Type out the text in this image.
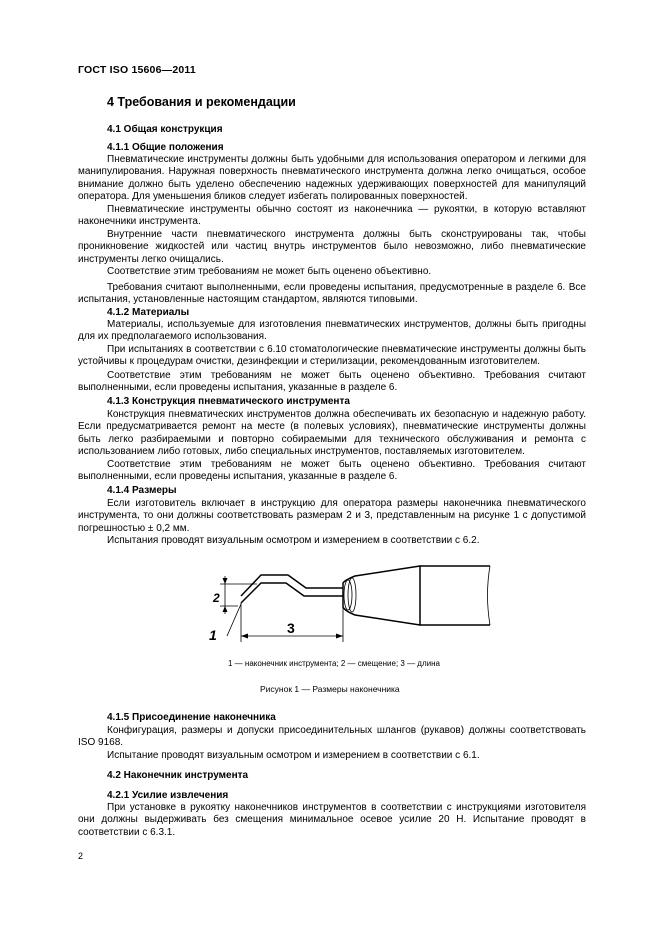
ГОСТ ISO 15606—2011
4 Требования и рекомендации
4.1 Общая конструкция
4.1.1 Общие положения

Пневматические инструменты должны быть удобными для использования оператором и легкими для манипулирования. Наружная поверхность пневматического инструмента должна легко очищаться, особое внимание должно быть уделено обеспечению надежных удерживающих поверхностей для манипуляций оператора. Для уменьшения бликов следует избегать полированных поверхностей.

Пневматические инструменты обычно состоят из наконечника — рукоятки, в которую вставляют наконечники инструмента.

Внутренние части пневматического инструмента должны быть сконструированы так, чтобы проникновение жидкостей или частиц внутрь инструментов было невозможно, либо пневматические инструменты легко очищались.

Соответствие этим требованиям не может быть оценено объективно.

Требования считают выполненными, если проведены испытания, предусмотренные в разделе 6. Все испытания, установленные настоящим стандартом, являются типовыми.

4.1.2 Материалы

Материалы, используемые для изготовления пневматических инструментов, должны быть пригодны для их предполагаемого использования.

При испытаниях в соответствии с 6.10 стоматологические пневматические инструменты должны быть устойчивы к процедурам очистки, дезинфекции и стерилизации, рекомендованным изготовителем.

Соответствие этим требованиям не может быть оценено объективно. Требования считают выполненными, если проведены испытания, указанные в разделе 6.

4.1.3 Конструкция пневматического инструмента

Конструкция пневматических инструментов должна обеспечивать их безопасную и надежную работу. Если предусматривается ремонт на месте (в полевых условиях), пневматические инструменты должны быть легко разбираемыми и повторно собираемыми для технического обслуживания и ремонта с использованием либо готовых, либо специальных инструментов, поставляемых изготовителем.

Соответствие этим требованиям не может быть оценено объективно. Требования считают выполненными, если проведены испытания, указанные в разделе 6.

4.1.4 Размеры

Если изготовитель включает в инструкцию для оператора размеры наконечника пневматического инструмента, то они должны соответствовать размерам 2 и 3, представленным на рисунке 1 с допустимой погрешностью ± 0,2 мм.

Испытания проводят визуальным осмотром и измерением в соответствии с 6.2.

2
3
1
1 — наконечник инструмента; 2 — смещение; 3 — длина
Рисунок 1 — Размеры наконечника
4.1.5 Присоединение наконечника

Конфигурация, размеры и допуски присоединительных шлангов (рукавов) должны соответствовать ISO 9168.

Испытание проводят визуальным осмотром и измерением в соответствии с 6.1.

4.2 Наконечник инструмента
4.2.1 Усилие извлечения

При установке в рукоятку наконечников инструментов в соответствии с инструкциями изготовителя они должны выдерживать без смещения минимальное осевое усилие 20 Н. Испытание проводят в соответствии с 6.3.1.

2
